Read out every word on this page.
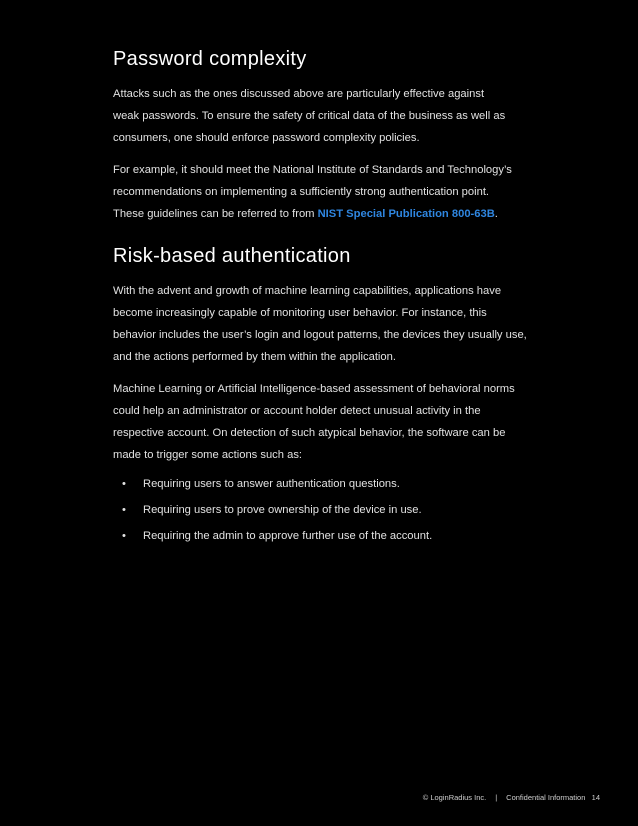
Password complexity

Attacks such as the ones discussed above are particularly effective against
weak passwords. To ensure the safety of critical data of the business as well as
consumers, one should enforce password complexity policies.

For example, it should meet the National Institute of Standards and Technology’s
recommendations on implementing a sufficiently strong authentication point.
These guidelines can be referred to from NIST Special Publication 800-63B.

Risk-based authentication

With the advent and growth of machine learning capabilities, applications have
become increasingly capable of monitoring user behavior. For instance, this
behavior includes the user’s login and logout patterns, the devices they usually use,
and the actions performed by them within the application.

Machine Learning or Artificial Intelligence-based assessment of behavioral norms
could help an administrator or account holder detect unusual activity in the
respective account. On detection of such atypical behavior, the software can be
made to trigger some actions such as:

• Requiring users to answer authentication questions.
• Requiring users to prove ownership of the device in use.
• Requiring the admin to approve further use of the account.
© LoginRadius Inc. | Confidential Information 14
